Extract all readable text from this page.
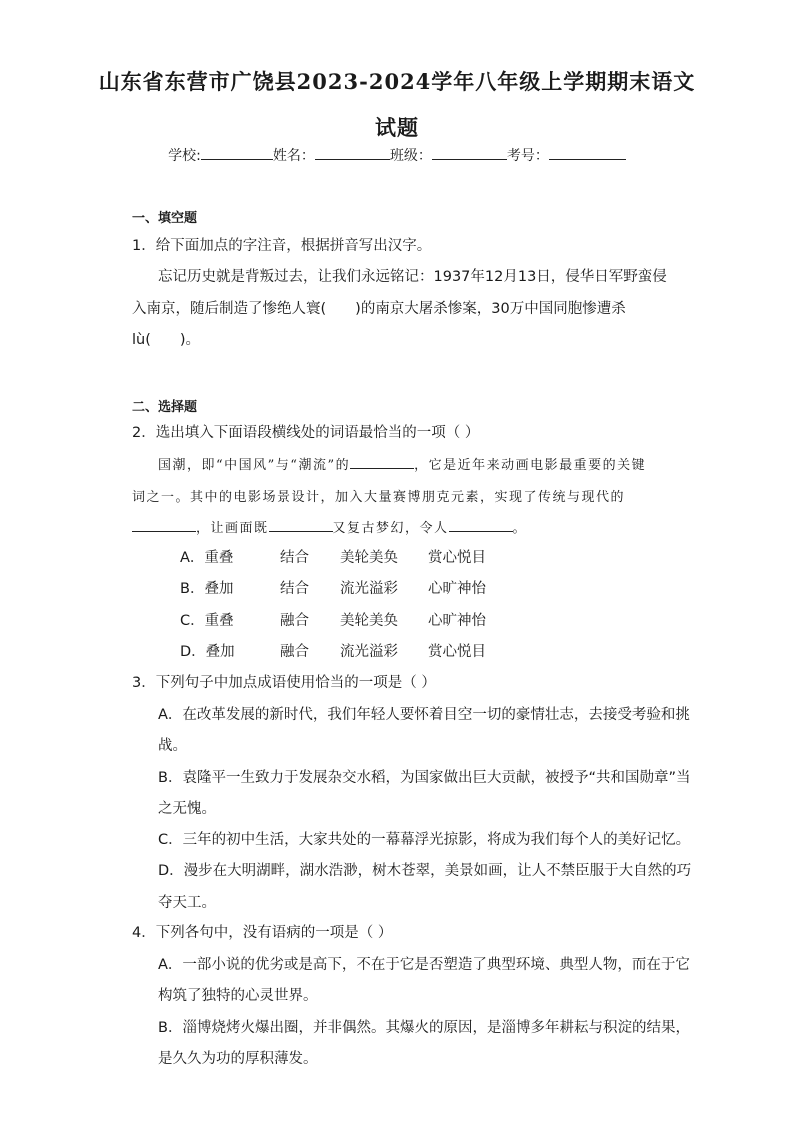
山东省东营市广饶县2023-2024学年八年级上学期期末语文
试题
学校:	姓名：	班级：	考号：
一、填空题
1．给下面加点的字注音，根据拼音写出汉字。
忘记历史就是背叛过去，让我们永远铭记：1937年12月13日，侵华日军野蛮侵
入南京，随后制造了惨绝人寰(　　)的南京大屠杀惨案，30万中国同胞惨遭杀
lù(　　)。
二、选择题
2．选出填入下面语段横线处的词语最恰当的一项（ ）
国潮，即“中国风”与“潮流”的	，它是近年来动画电影最重要的关键
词之一。其中的电影场景设计，加入大量赛博朋克元素，实现了传统与现代的
，让画面既	又复古梦幻，令人	。
A．重叠	结合 美轮美奂 赏心悦目
B．叠加	结合 流光溢彩 心旷神怡
C．重叠	融合 美轮美奂 心旷神怡
D．叠加	融合 流光溢彩 赏心悦目
3．下列句子中加点成语使用恰当的一项是（ ）
A．在改革发展的新时代，我们年轻人要怀着目空一切的豪情壮志，去接受考验和挑
战。
B．袁隆平一生致力于发展杂交水稻，为国家做出巨大贡献，被授予“共和国勋章”当
之无愧。
C．三年的初中生活，大家共处的一幕幕浮光掠影，将成为我们每个人的美好记忆。
D．漫步在大明湖畔，湖水浩渺，树木苍翠，美景如画，让人不禁臣服于大自然的巧
夺天工。
4．下列各句中，没有语病的一项是（ ）
A．一部小说的优劣或是高下，不在于它是否塑造了典型环境、典型人物，而在于它
构筑了独特的心灵世界。
B．淄博烧烤火爆出圈，并非偶然。其爆火的原因，是淄博多年耕耘与积淀的结果，
是久久为功的厚积薄发。
